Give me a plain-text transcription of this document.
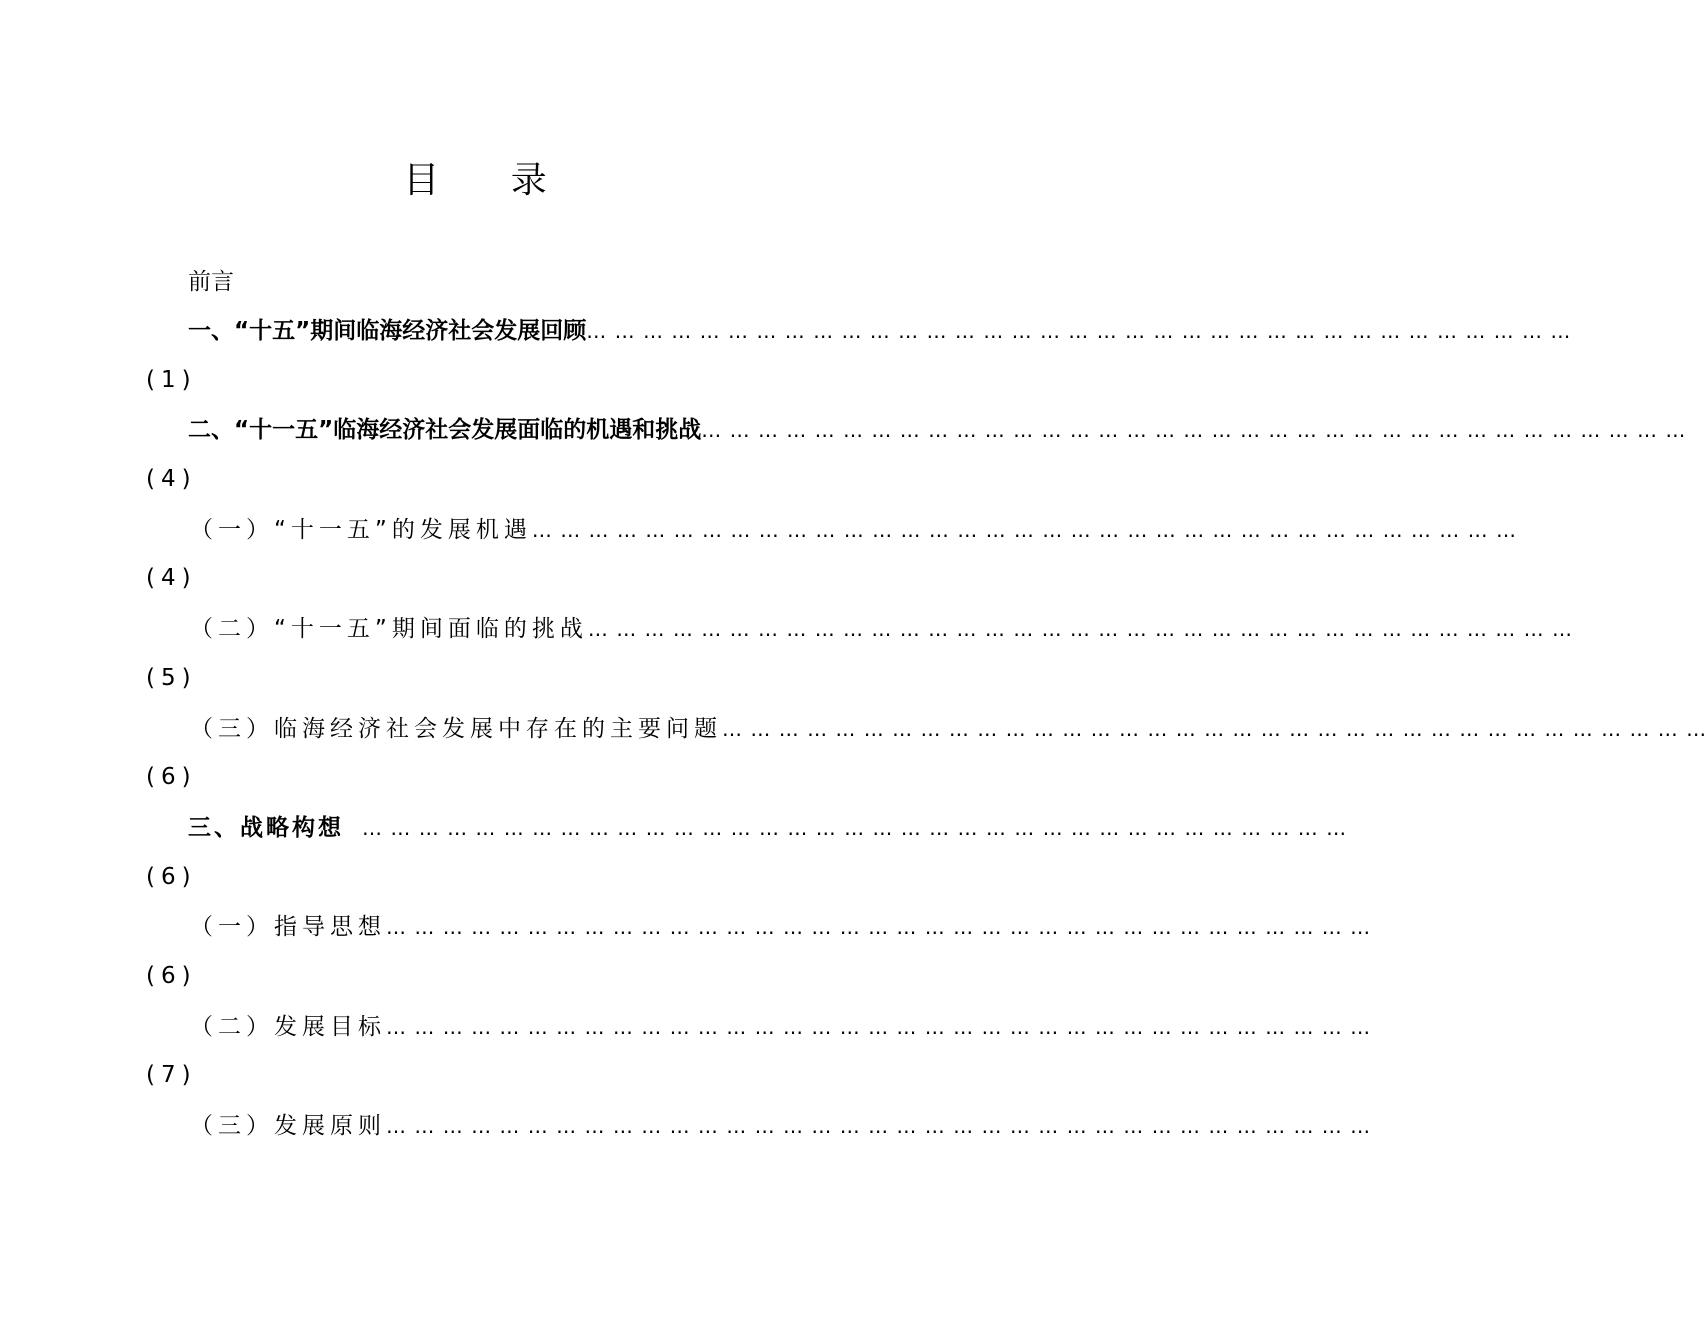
目 录
前言
一、“十五”期间临海经济社会发展回顾 … … … … … … … … … … … … … … … … … … … … … … … … … … … … … … … … … … …
(1)
二、“十一五”临海经济社会发展面临的机遇和挑战 … … … … … … … … … … … … … … … … … … … … … … … … … … … … … … … … … … …
(4)
（一）“十一五”的发展机遇 … … … … … … … … … … … … … … … … … … … … … … … … … … … … … … … … … … …
(4)
（二）“十一五”期间面临的挑战 … … … … … … … … … … … … … … … … … … … … … … … … … … … … … … … … … … …
(5)
（三）临海经济社会发展中存在的主要问题 … … … … … … … … … … … … … … … … … … … … … … … … … … … … … … … … … … …
(6)
三、战略构想 … … … … … … … … … … … … … … … … … … … … … … … … … … … … … … … … … … …
(6)
（一）指导思想 … … … … … … … … … … … … … … … … … … … … … … … … … … … … … … … … … … …
(6)
（二）发展目标 … … … … … … … … … … … … … … … … … … … … … … … … … … … … … … … … … … …
(7)
（三）发展原则 … … … … … … … … … … … … … … … … … … … … … … … … … … … … … … … … … … …
